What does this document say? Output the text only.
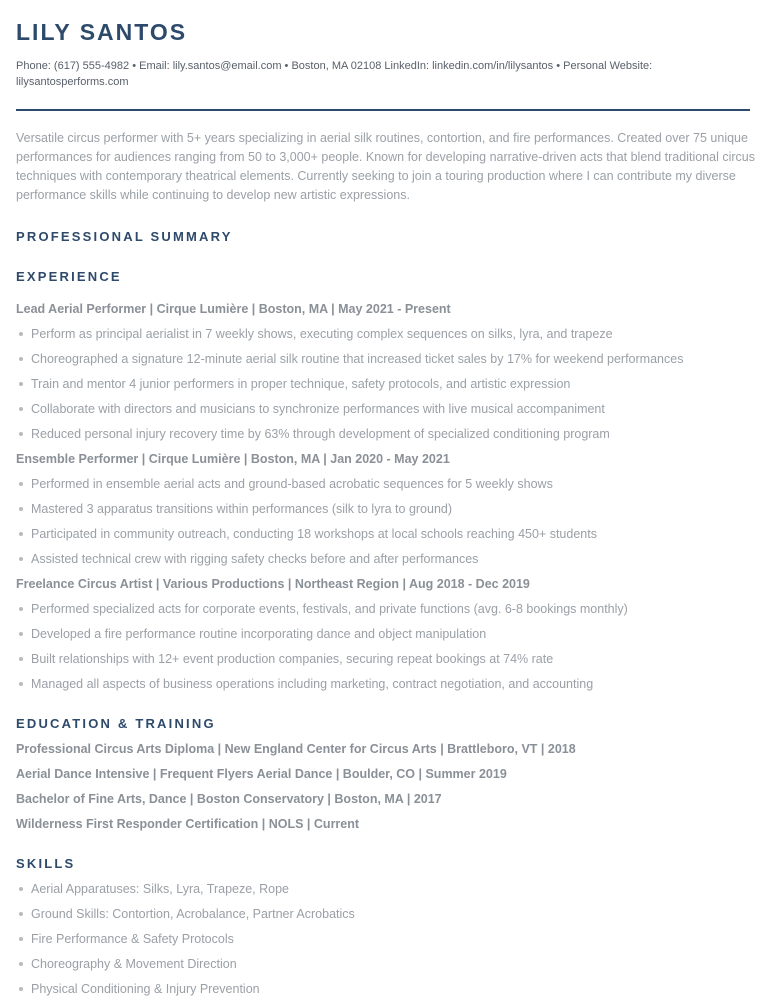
LILY SANTOS
Phone: (617) 555-4982 • Email: lily.santos@email.com • Boston, MA 02108 LinkedIn: linkedin.com/in/lilysantos • Personal Website: lilysantosperforms.com
Versatile circus performer with 5+ years specializing in aerial silk routines, contortion, and fire performances. Created over 75 unique performances for audiences ranging from 50 to 3,000+ people. Known for developing narrative-driven acts that blend traditional circus techniques with contemporary theatrical elements. Currently seeking to join a touring production where I can contribute my diverse performance skills while continuing to develop new artistic expressions.
PROFESSIONAL SUMMARY
EXPERIENCE
Lead Aerial Performer | Cirque Lumière | Boston, MA | May 2021 - Present
Perform as principal aerialist in 7 weekly shows, executing complex sequences on silks, lyra, and trapeze
Choreographed a signature 12-minute aerial silk routine that increased ticket sales by 17% for weekend performances
Train and mentor 4 junior performers in proper technique, safety protocols, and artistic expression
Collaborate with directors and musicians to synchronize performances with live musical accompaniment
Reduced personal injury recovery time by 63% through development of specialized conditioning program
Ensemble Performer | Cirque Lumière | Boston, MA | Jan 2020 - May 2021
Performed in ensemble aerial acts and ground-based acrobatic sequences for 5 weekly shows
Mastered 3 apparatus transitions within performances (silk to lyra to ground)
Participated in community outreach, conducting 18 workshops at local schools reaching 450+ students
Assisted technical crew with rigging safety checks before and after performances
Freelance Circus Artist | Various Productions | Northeast Region | Aug 2018 - Dec 2019
Performed specialized acts for corporate events, festivals, and private functions (avg. 6-8 bookings monthly)
Developed a fire performance routine incorporating dance and object manipulation
Built relationships with 12+ event production companies, securing repeat bookings at 74% rate
Managed all aspects of business operations including marketing, contract negotiation, and accounting
EDUCATION & TRAINING
Professional Circus Arts Diploma | New England Center for Circus Arts | Brattleboro, VT | 2018
Aerial Dance Intensive | Frequent Flyers Aerial Dance | Boulder, CO | Summer 2019
Bachelor of Fine Arts, Dance | Boston Conservatory | Boston, MA | 2017
Wilderness First Responder Certification | NOLS | Current
SKILLS
Aerial Apparatuses: Silks, Lyra, Trapeze, Rope
Ground Skills: Contortion, Acrobalance, Partner Acrobatics
Fire Performance & Safety Protocols
Choreography & Movement Direction
Physical Conditioning & Injury Prevention
